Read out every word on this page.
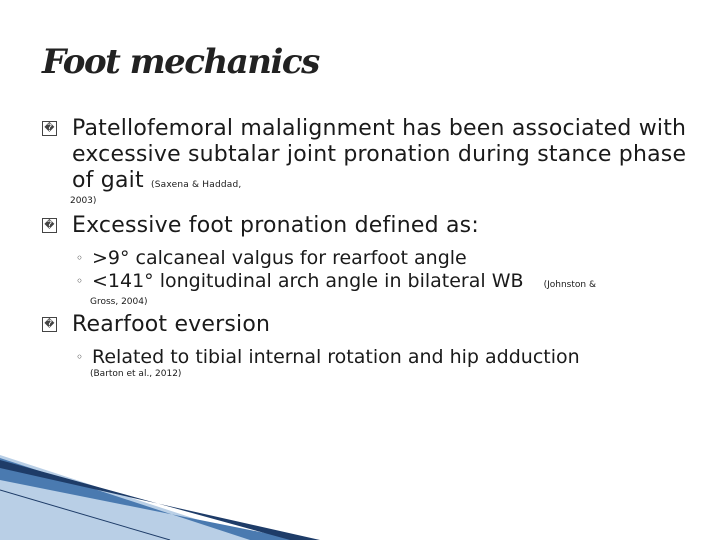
Foot mechanics
� Patellofemoral malalignment has been associated with excessive subtalar joint pronation during stance phase of gait (Saxena & Haddad,
2003)
� Excessive foot pronation defined as:
◦ >9° calcaneal valgus for rearfoot angle
◦ <141° longitudinal arch angle in bilateral WB (Johnston &
Gross, 2004)
� Rearfoot eversion
◦ Related to tibial internal rotation and hip adduction
(Barton et al., 2012)
